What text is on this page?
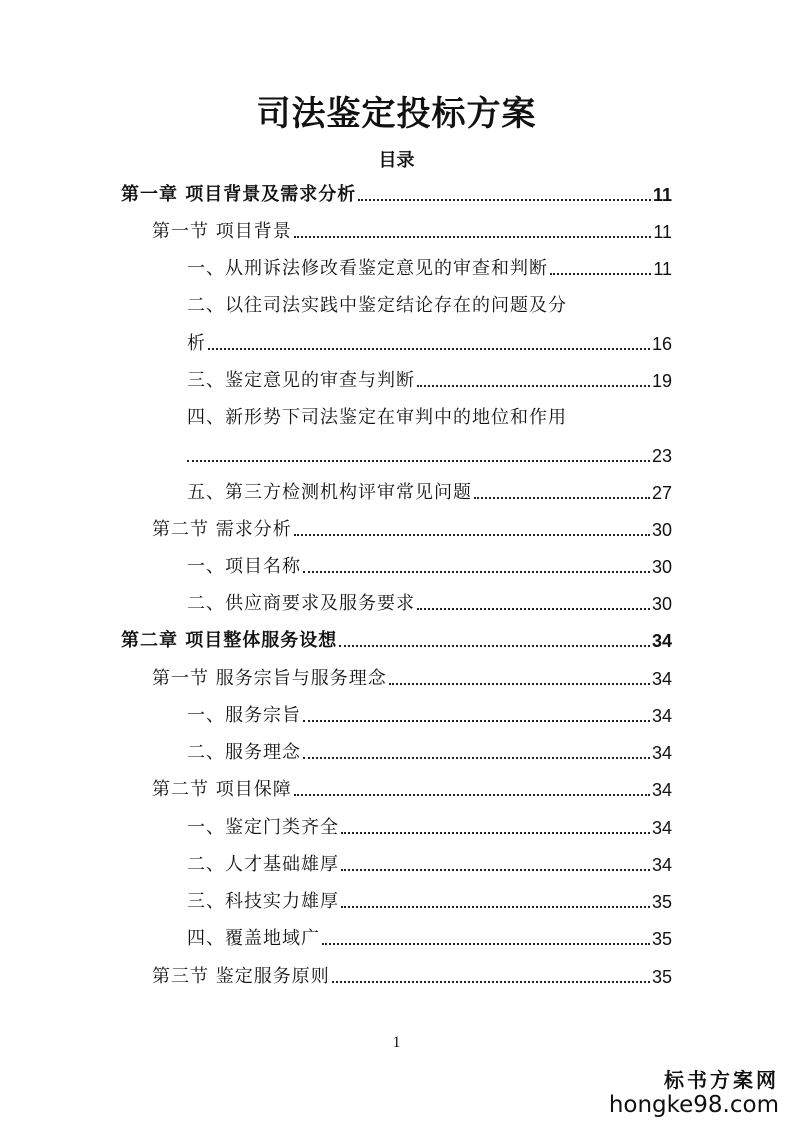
司法鉴定投标方案
目录
第一章 项目背景及需求分析	11
第一节 项目背景	11
一、从刑诉法修改看鉴定意见的审查和判断	11
二、以往司法实践中鉴定结论存在的问题及分
析	16
三、鉴定意见的审查与判断	19
四、新形势下司法鉴定在审判中的地位和作用
23
五、第三方检测机构评审常见问题	27
第二节 需求分析	30
一、项目名称	30
二、供应商要求及服务要求	30
第二章 项目整体服务设想	34
第一节 服务宗旨与服务理念	34
一、服务宗旨	34
二、服务理念	34
第二节 项目保障	34
一、鉴定门类齐全	34
二、人才基础雄厚	34
三、科技实力雄厚	35
四、覆盖地域广	35
第三节 鉴定服务原则	35
1
标书方案网
hongke98.com
